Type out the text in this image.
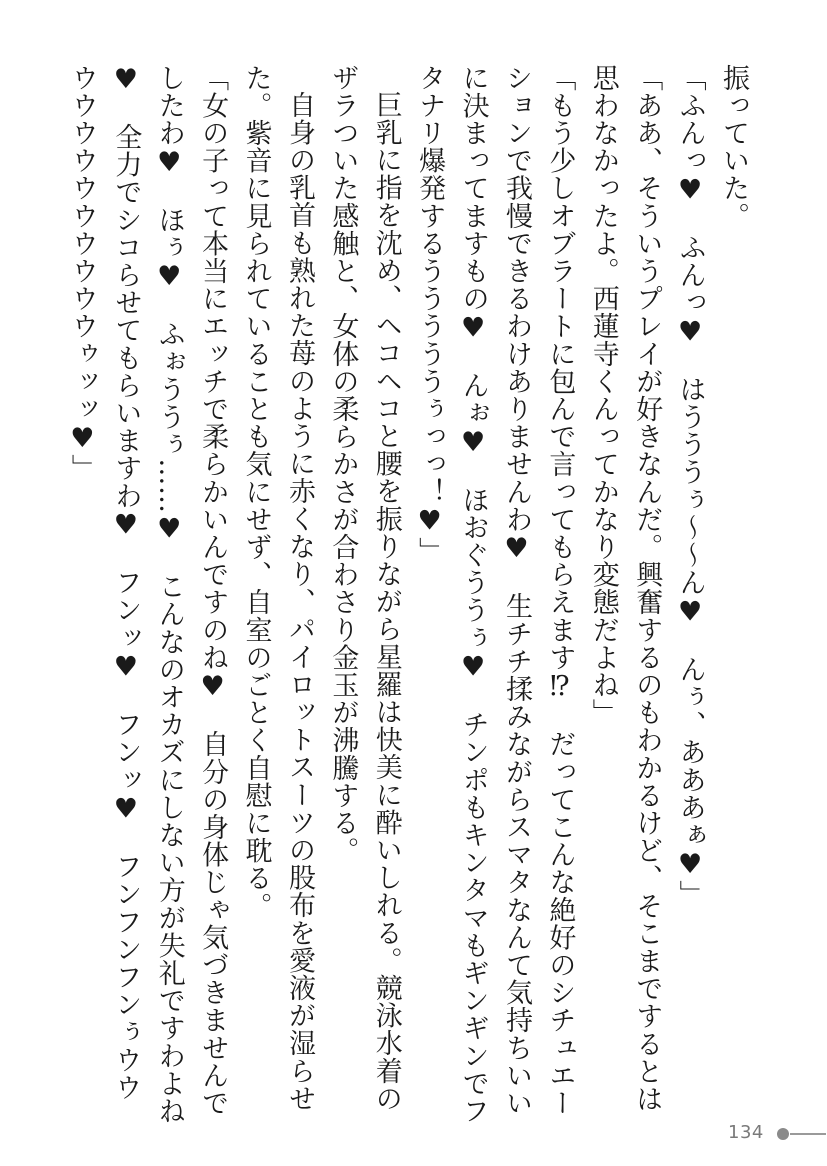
振っていた。

「ふんっ♥　ふんっ♥　はうううぅ〜〜ん♥　んぅ、あああぁ♥」

「ああ、そういうプレイが好きなんだ。興奮するのもわかるけど、そこまでするとは思わなかったよ。西蓮寺くんってかなり変態だよね」

「もう少しオブラートに包んで言ってもらえます⁉　だってこんな絶好のシチュエーションで我慢できるわけありませんわ♥　生チチ揉みながらスマタなんて気持ちいいに決まってますもの♥　んぉ♥　ほおぐううぅ♥　チンポもキンタマもギンギンでフタナリ爆発するうううううぅっっ！♥」

巨乳に指を沈め、ヘコヘコと腰を振りながら星羅は快美に酔いしれる。競泳水着のザラついた感触と、女体の柔らかさが合わさり金玉が沸騰する。

自身の乳首も熟れた苺のように赤くなり、パイロットスーツの股布を愛液が湿らせた。紫音に見られていることも気にせず、自室のごとく自慰に耽る。

「女の子って本当にエッチで柔らかいんですのね♥　自分の身体じゃ気づきませんでしたわ♥　ほぅ♥　ふぉううぅ……♥　こんなのオカズにしない方が失礼ですわよね♥　全力でシコらせてもらいますわ♥　フンッ♥　フンッ♥　フンフンフンぅウウウウウウウウウウウウゥッッ♥」

134
